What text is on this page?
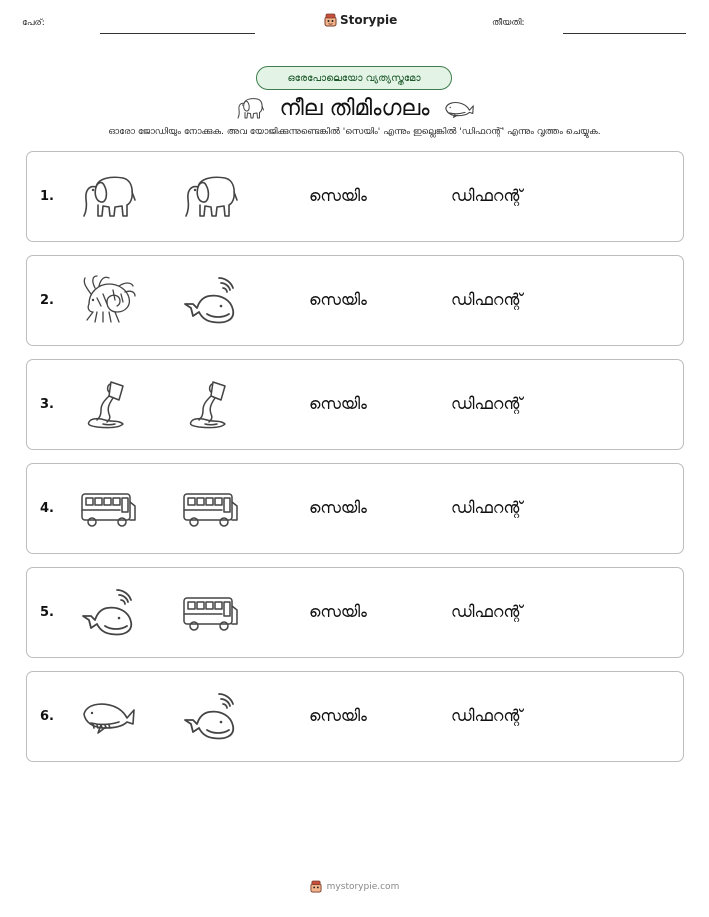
പേര്:	Storypie	തീയതി:
ഒരേപോലെയോ വ്യത്യസ്തമോ
നീല തിമിംഗലം
ഓരോ ജോഡിയും നോക്കുക. അവ യോജിക്കുന്നുണ്ടെങ്കിൽ 'സെയിം' എന്നും ഇല്ലെങ്കിൽ 'ഡിഫറന്റ്' എന്നും വൃത്തം ചെയ്യുക.
1.	സെയിം	ഡിഫറന്റ്
2.	സെയിം	ഡിഫറന്റ്
3.	സെയിം	ഡിഫറന്റ്
4.	സെയിം	ഡിഫറന്റ്
5.	സെയിം	ഡിഫറന്റ്
6.	സെയിം	ഡിഫറന്റ്
mystorypie.com
